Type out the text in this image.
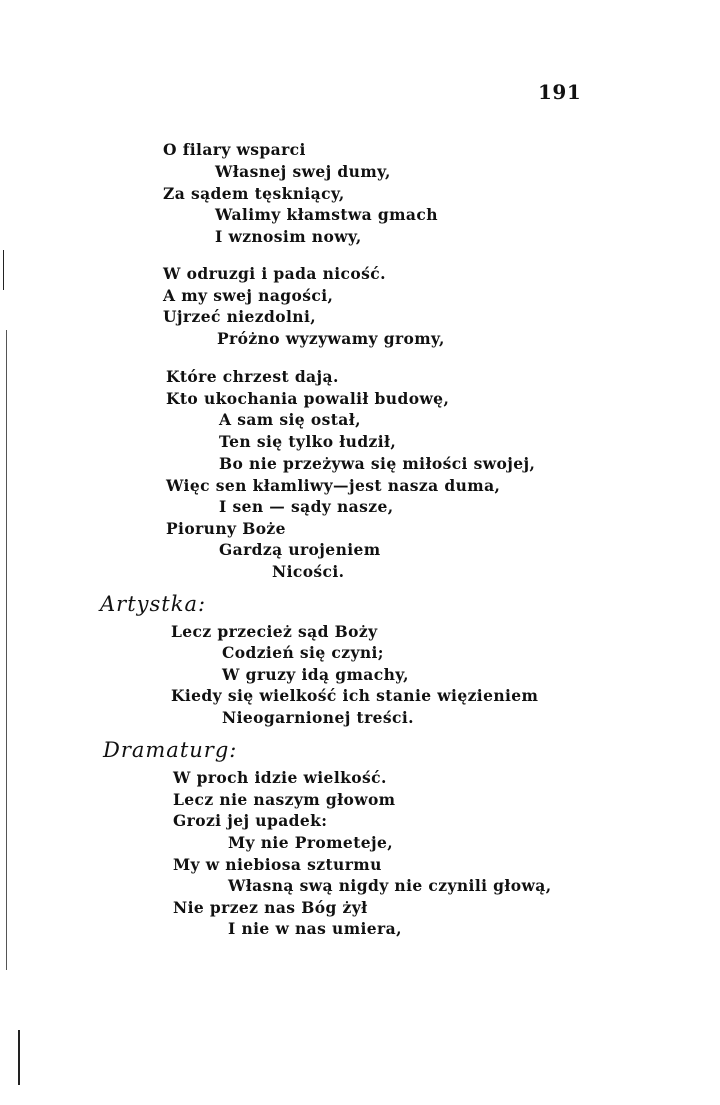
191
O filary wsparci
Własnej swej dumy,
Za sądem tęskniący,
Walimy kłamstwa gmach
I wznosim nowy,
W odruzgi i pada nicość.
A my swej nagości,
Ujrzeć niezdolni,
Próżno wyzywamy gromy,
Które chrzest dają.
Kto ukochania powalił budowę,
A sam się ostał,
Ten się tylko łudził,
Bo nie przeżywa się miłości swojej,
Więc sen kłamliwy—jest nasza duma,
I sen — sądy nasze,
Pioruny Boże
Gardzą urojeniem
Nicości.
Artystka:
Lecz przecież sąd Boży
Codzień się czyni;
W gruzy idą gmachy,
Kiedy się wielkość ich stanie więzieniem
Nieogarnionej treści.
Dramaturg:
W proch idzie wielkość.
Lecz nie naszym głowom
Grozi jej upadek:
My nie Prometeje,
My w niebiosa szturmu
Własną swą nigdy nie czynili głową,
Nie przez nas Bóg żył
I nie w nas umiera,
